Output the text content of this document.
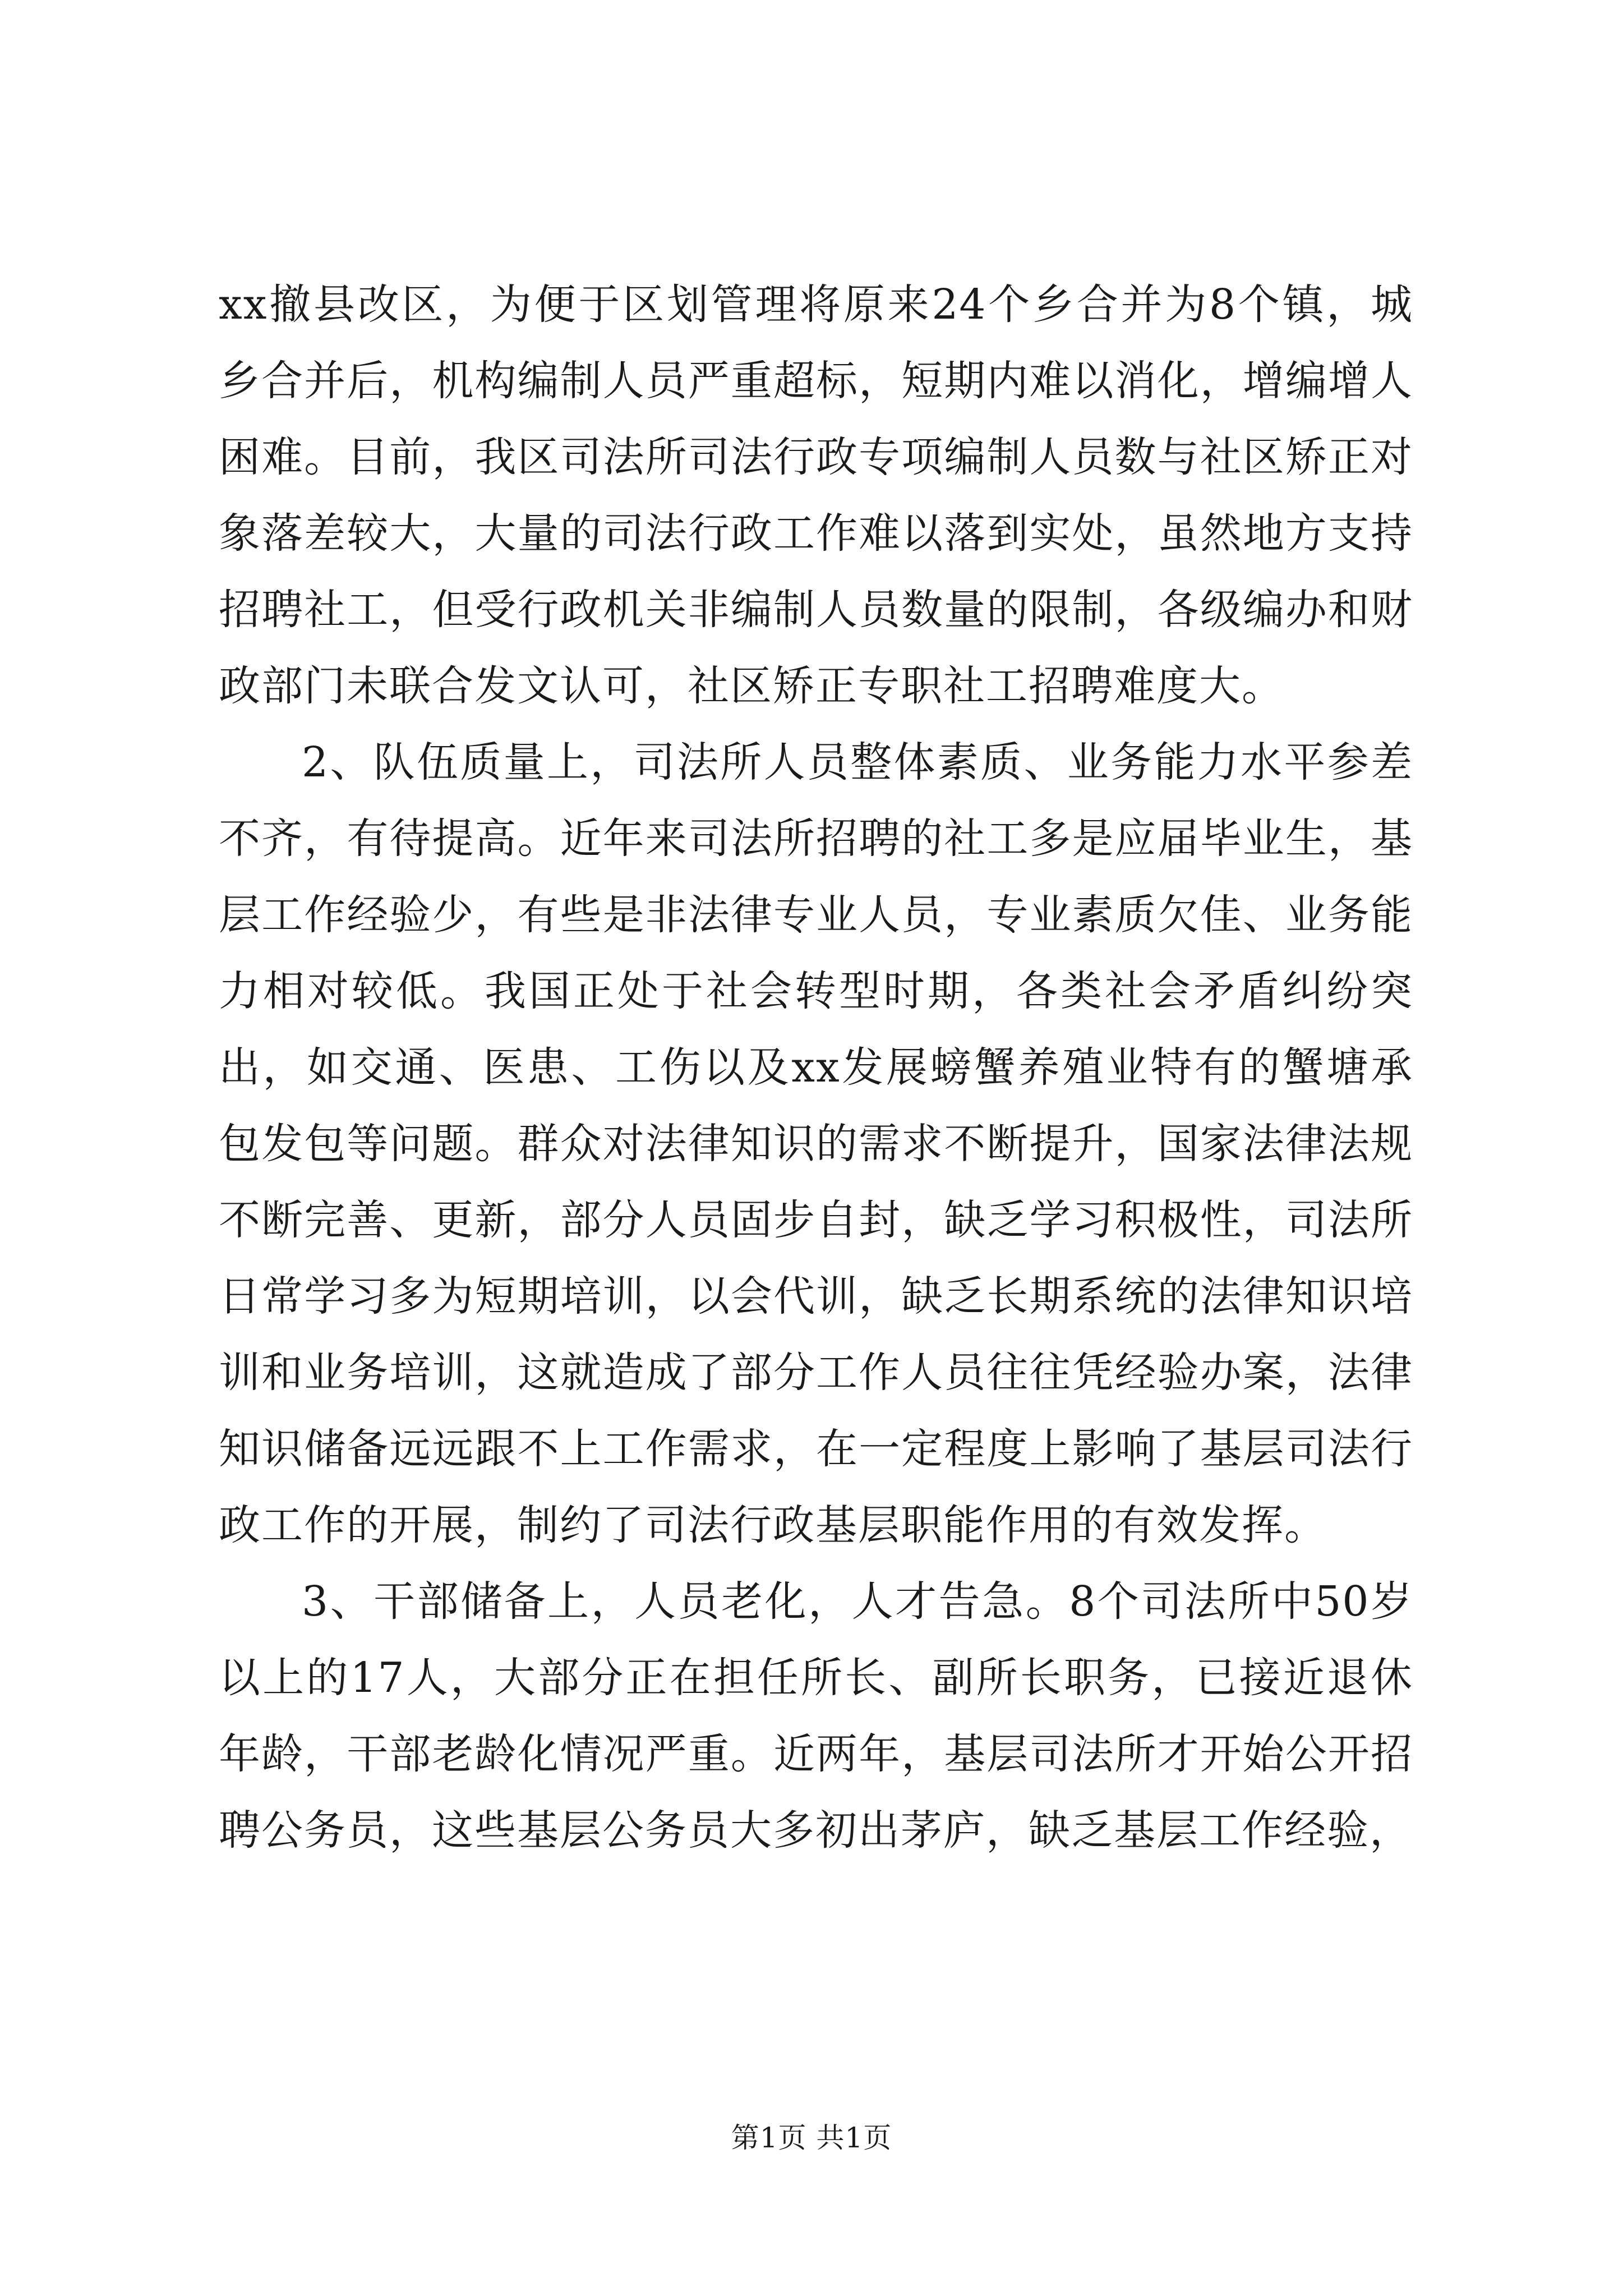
xx撤县改区，为便于区划管理将原来24个乡合并为8个镇，城乡合并后，机构编制人员严重超标，短期内难以消化，增编增人困难。目前，我区司法所司法行政专项编制人员数与社区矫正对象落差较大，大量的司法行政工作难以落到实处，虽然地方支持招聘社工，但受行政机关非编制人员数量的限制，各级编办和财政部门未联合发文认可，社区矫正专职社工招聘难度大。

2、队伍质量上，司法所人员整体素质、业务能力水平参差不齐，有待提高。近年来司法所招聘的社工多是应届毕业生，基层工作经验少，有些是非法律专业人员，专业素质欠佳、业务能力相对较低。我国正处于社会转型时期，各类社会矛盾纠纷突出，如交通、医患、工伤以及xx发展螃蟹养殖业特有的蟹塘承包发包等问题。群众对法律知识的需求不断提升，国家法律法规不断完善、更新，部分人员固步自封，缺乏学习积极性，司法所日常学习多为短期培训，以会代训，缺乏长期系统的法律知识培训和业务培训，这就造成了部分工作人员往往凭经验办案，法律知识储备远远跟不上工作需求，在一定程度上影响了基层司法行政工作的开展，制约了司法行政基层职能作用的有效发挥。

3、干部储备上，人员老化，人才告急。8个司法所中50岁以上的17人，大部分正在担任所长、副所长职务，已接近退休年龄，干部老龄化情况严重。近两年，基层司法所才开始公开招聘公务员，这些基层公务员大多初出茅庐，缺乏基层工作经验，

第1页 共1页
